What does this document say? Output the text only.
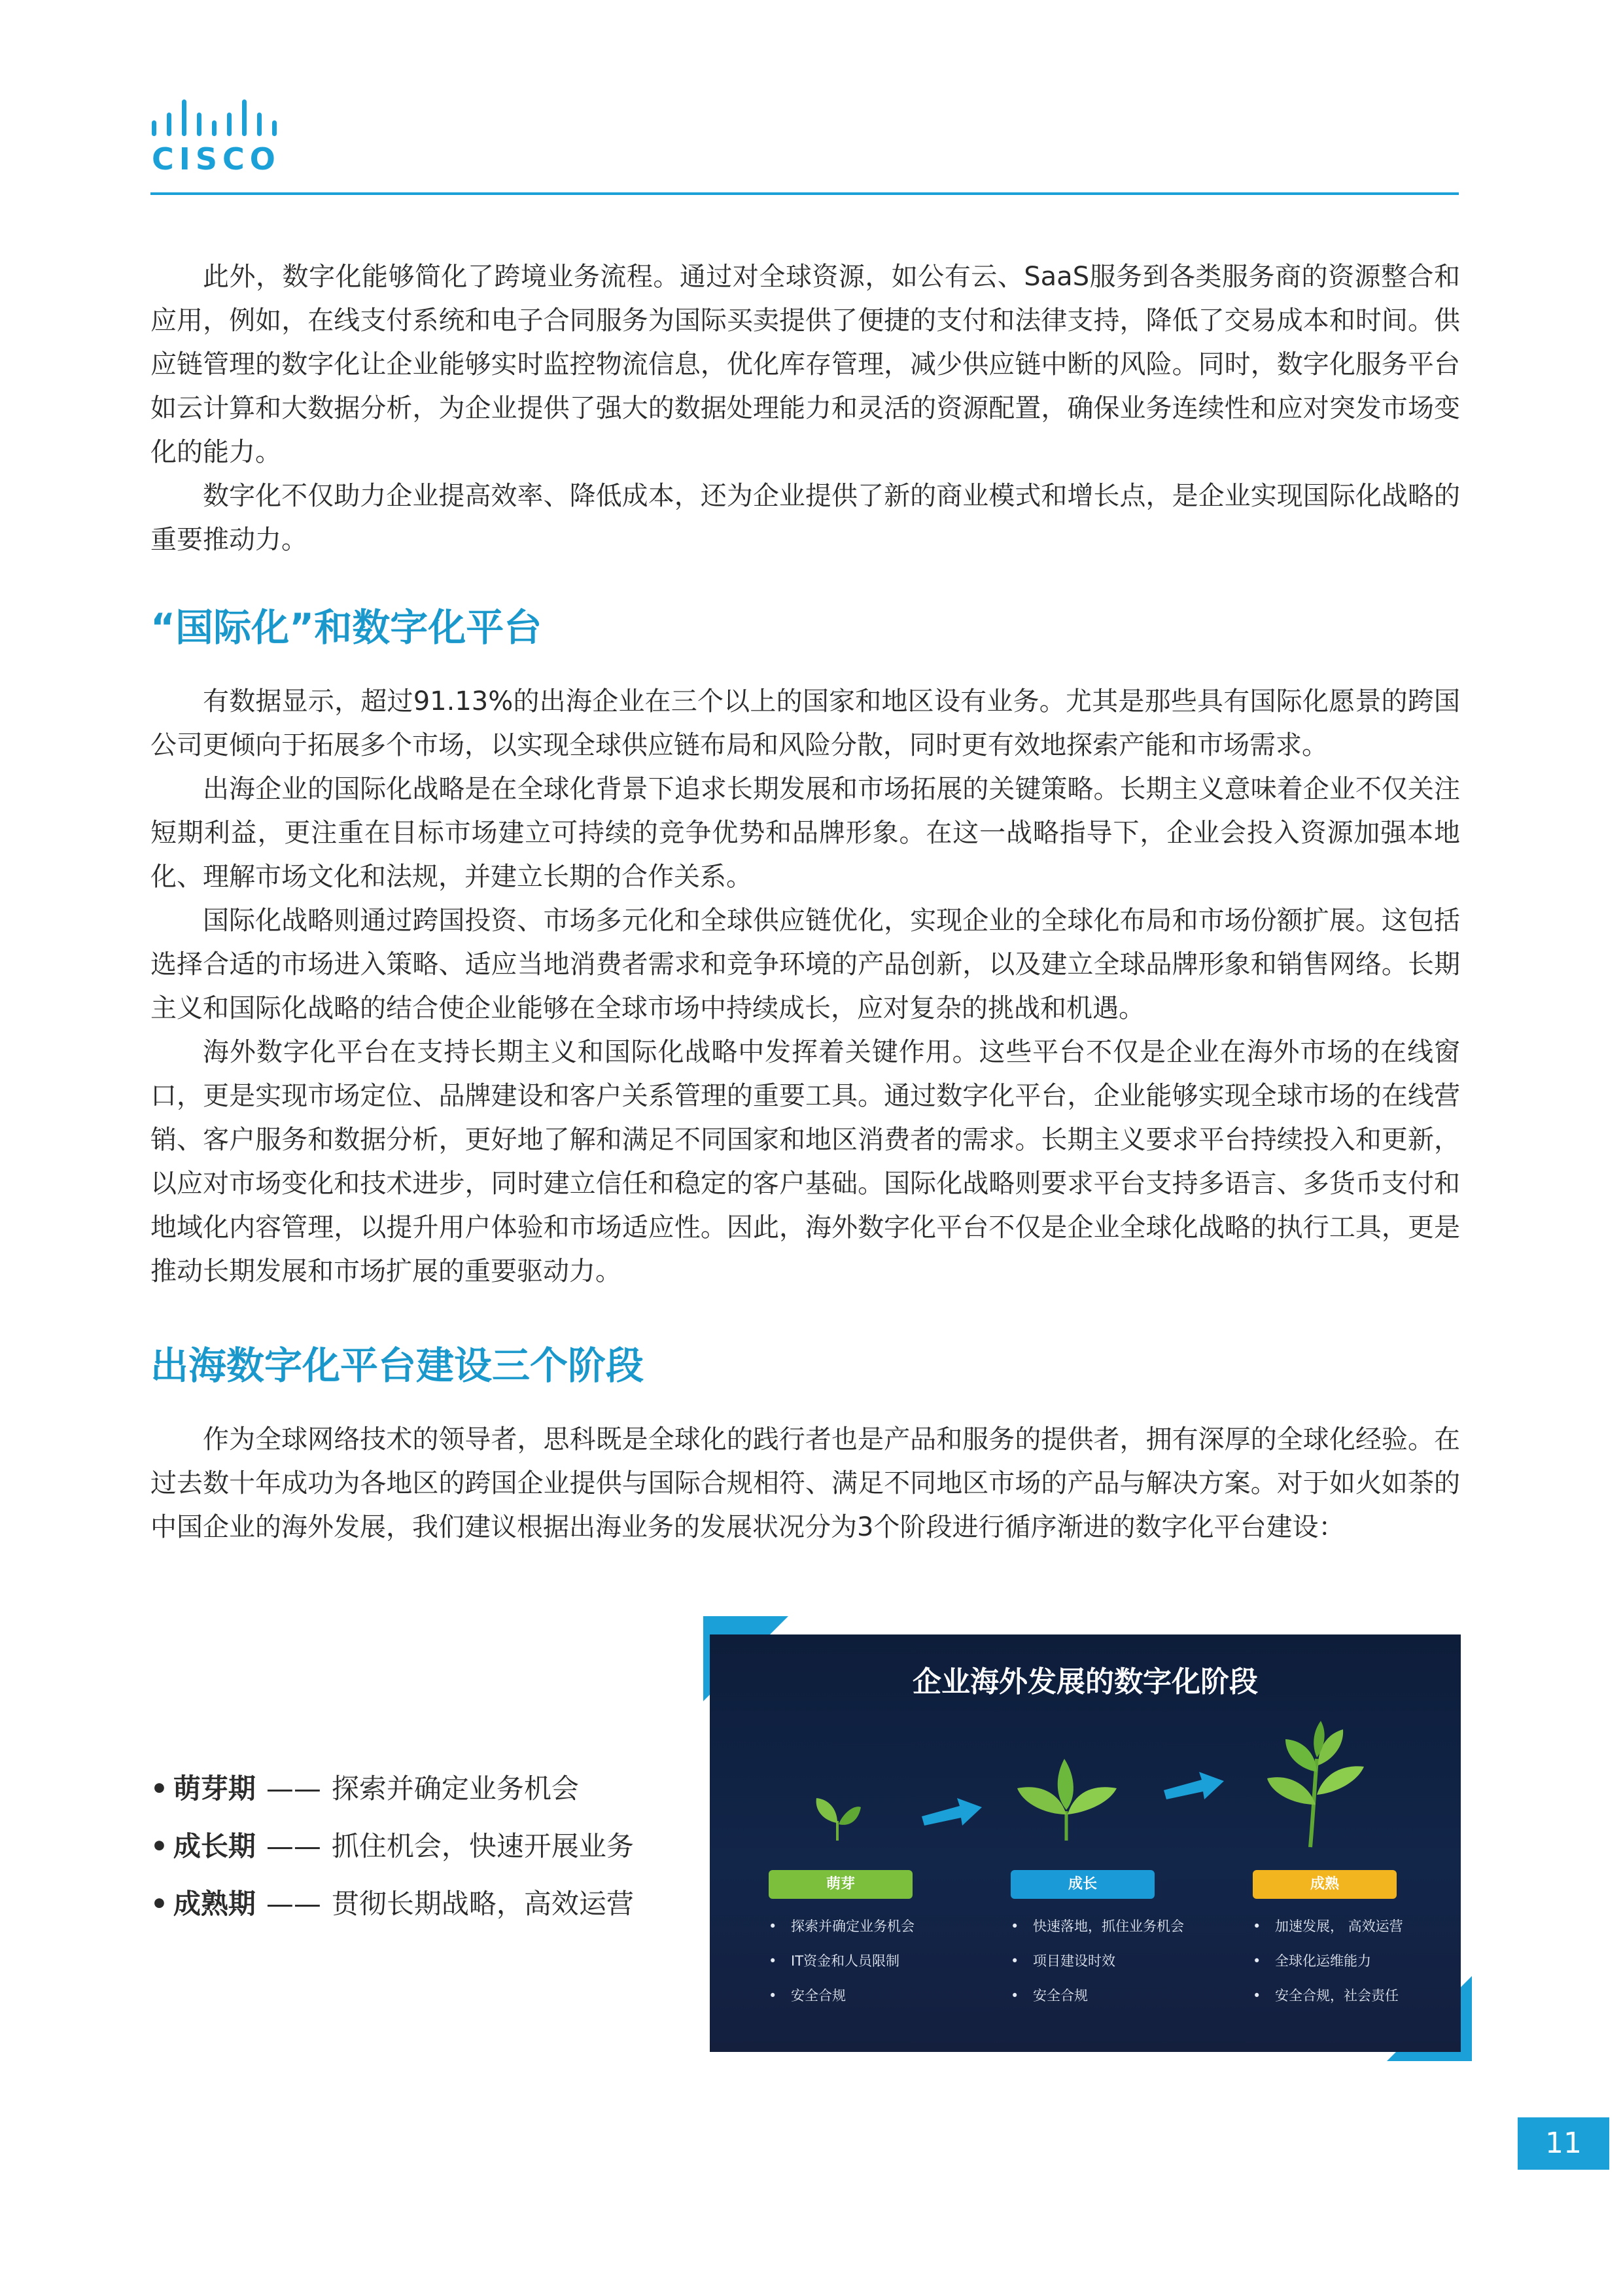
CISCO

此外，数字化能够简化了跨境业务流程。通过对全球资源，如公有云、SaaS服务到各类服务商的资源整合和应用，例如，在线支付系统和电子合同服务为国际买卖提供了便捷的支付和法律支持，降低了交易成本和时间。供应链管理的数字化让企业能够实时监控物流信息，优化库存管理，减少供应链中断的风险。同时，数字化服务平台如云计算和大数据分析，为企业提供了强大的数据处理能力和灵活的资源配置，确保业务连续性和应对突发市场变化的能力。

数字化不仅助力企业提高效率、降低成本，还为企业提供了新的商业模式和增长点，是企业实现国际化战略的重要推动力。

“国际化”和数字化平台

有数据显示，超过91.13%的出海企业在三个以上的国家和地区设有业务。尤其是那些具有国际化愿景的跨国公司更倾向于拓展多个市场，以实现全球供应链布局和风险分散，同时更有效地探索产能和市场需求。

出海企业的国际化战略是在全球化背景下追求长期发展和市场拓展的关键策略。长期主义意味着企业不仅关注短期利益，更注重在目标市场建立可持续的竞争优势和品牌形象。在这一战略指导下，企业会投入资源加强本地化、理解市场文化和法规，并建立长期的合作关系。

国际化战略则通过跨国投资、市场多元化和全球供应链优化，实现企业的全球化布局和市场份额扩展。这包括选择合适的市场进入策略、适应当地消费者需求和竞争环境的产品创新，以及建立全球品牌形象和销售网络。长期主义和国际化战略的结合使企业能够在全球市场中持续成长，应对复杂的挑战和机遇。

海外数字化平台在支持长期主义和国际化战略中发挥着关键作用。这些平台不仅是企业在海外市场的在线窗口，更是实现市场定位、品牌建设和客户关系管理的重要工具。通过数字化平台，企业能够实现全球市场的在线营销、客户服务和数据分析，更好地了解和满足不同国家和地区消费者的需求。长期主义要求平台持续投入和更新，以应对市场变化和技术进步，同时建立信任和稳定的客户基础。国际化战略则要求平台支持多语言、多货币支付和地域化内容管理，以提升用户体验和市场适应性。因此，海外数字化平台不仅是企业全球化战略的执行工具，更是推动长期发展和市场扩展的重要驱动力。

出海数字化平台建设三个阶段

作为全球网络技术的领导者，思科既是全球化的践行者也是产品和服务的提供者，拥有深厚的全球化经验。在过去数十年成功为各地区的跨国企业提供与国际合规相符、满足不同地区市场的产品与解决方案。对于如火如荼的中国企业的海外发展，我们建议根据出海业务的发展状况分为3个阶段进行循序渐进的数字化平台建设：

• 萌芽期 —— 探索并确定业务机会
• 成长期 —— 抓住机会，快速开展业务
• 成熟期 —— 贯彻长期战略，高效运营
企业海外发展的数字化阶段
萌芽
• 探索并确定业务机会
• IT资金和人员限制
• 安全合规
成长
• 快速落地，抓住业务机会
• 项目建设时效
• 安全合规
成熟
• 加速发展， 高效运营
• 全球化运维能力
• 安全合规，社会责任
11
